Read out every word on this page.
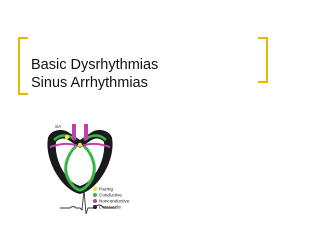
Basic Dysrhythmias
Sinus Arrhythmias
SA
AV
Pacing
Conductive
Nonconductive
Contractile
